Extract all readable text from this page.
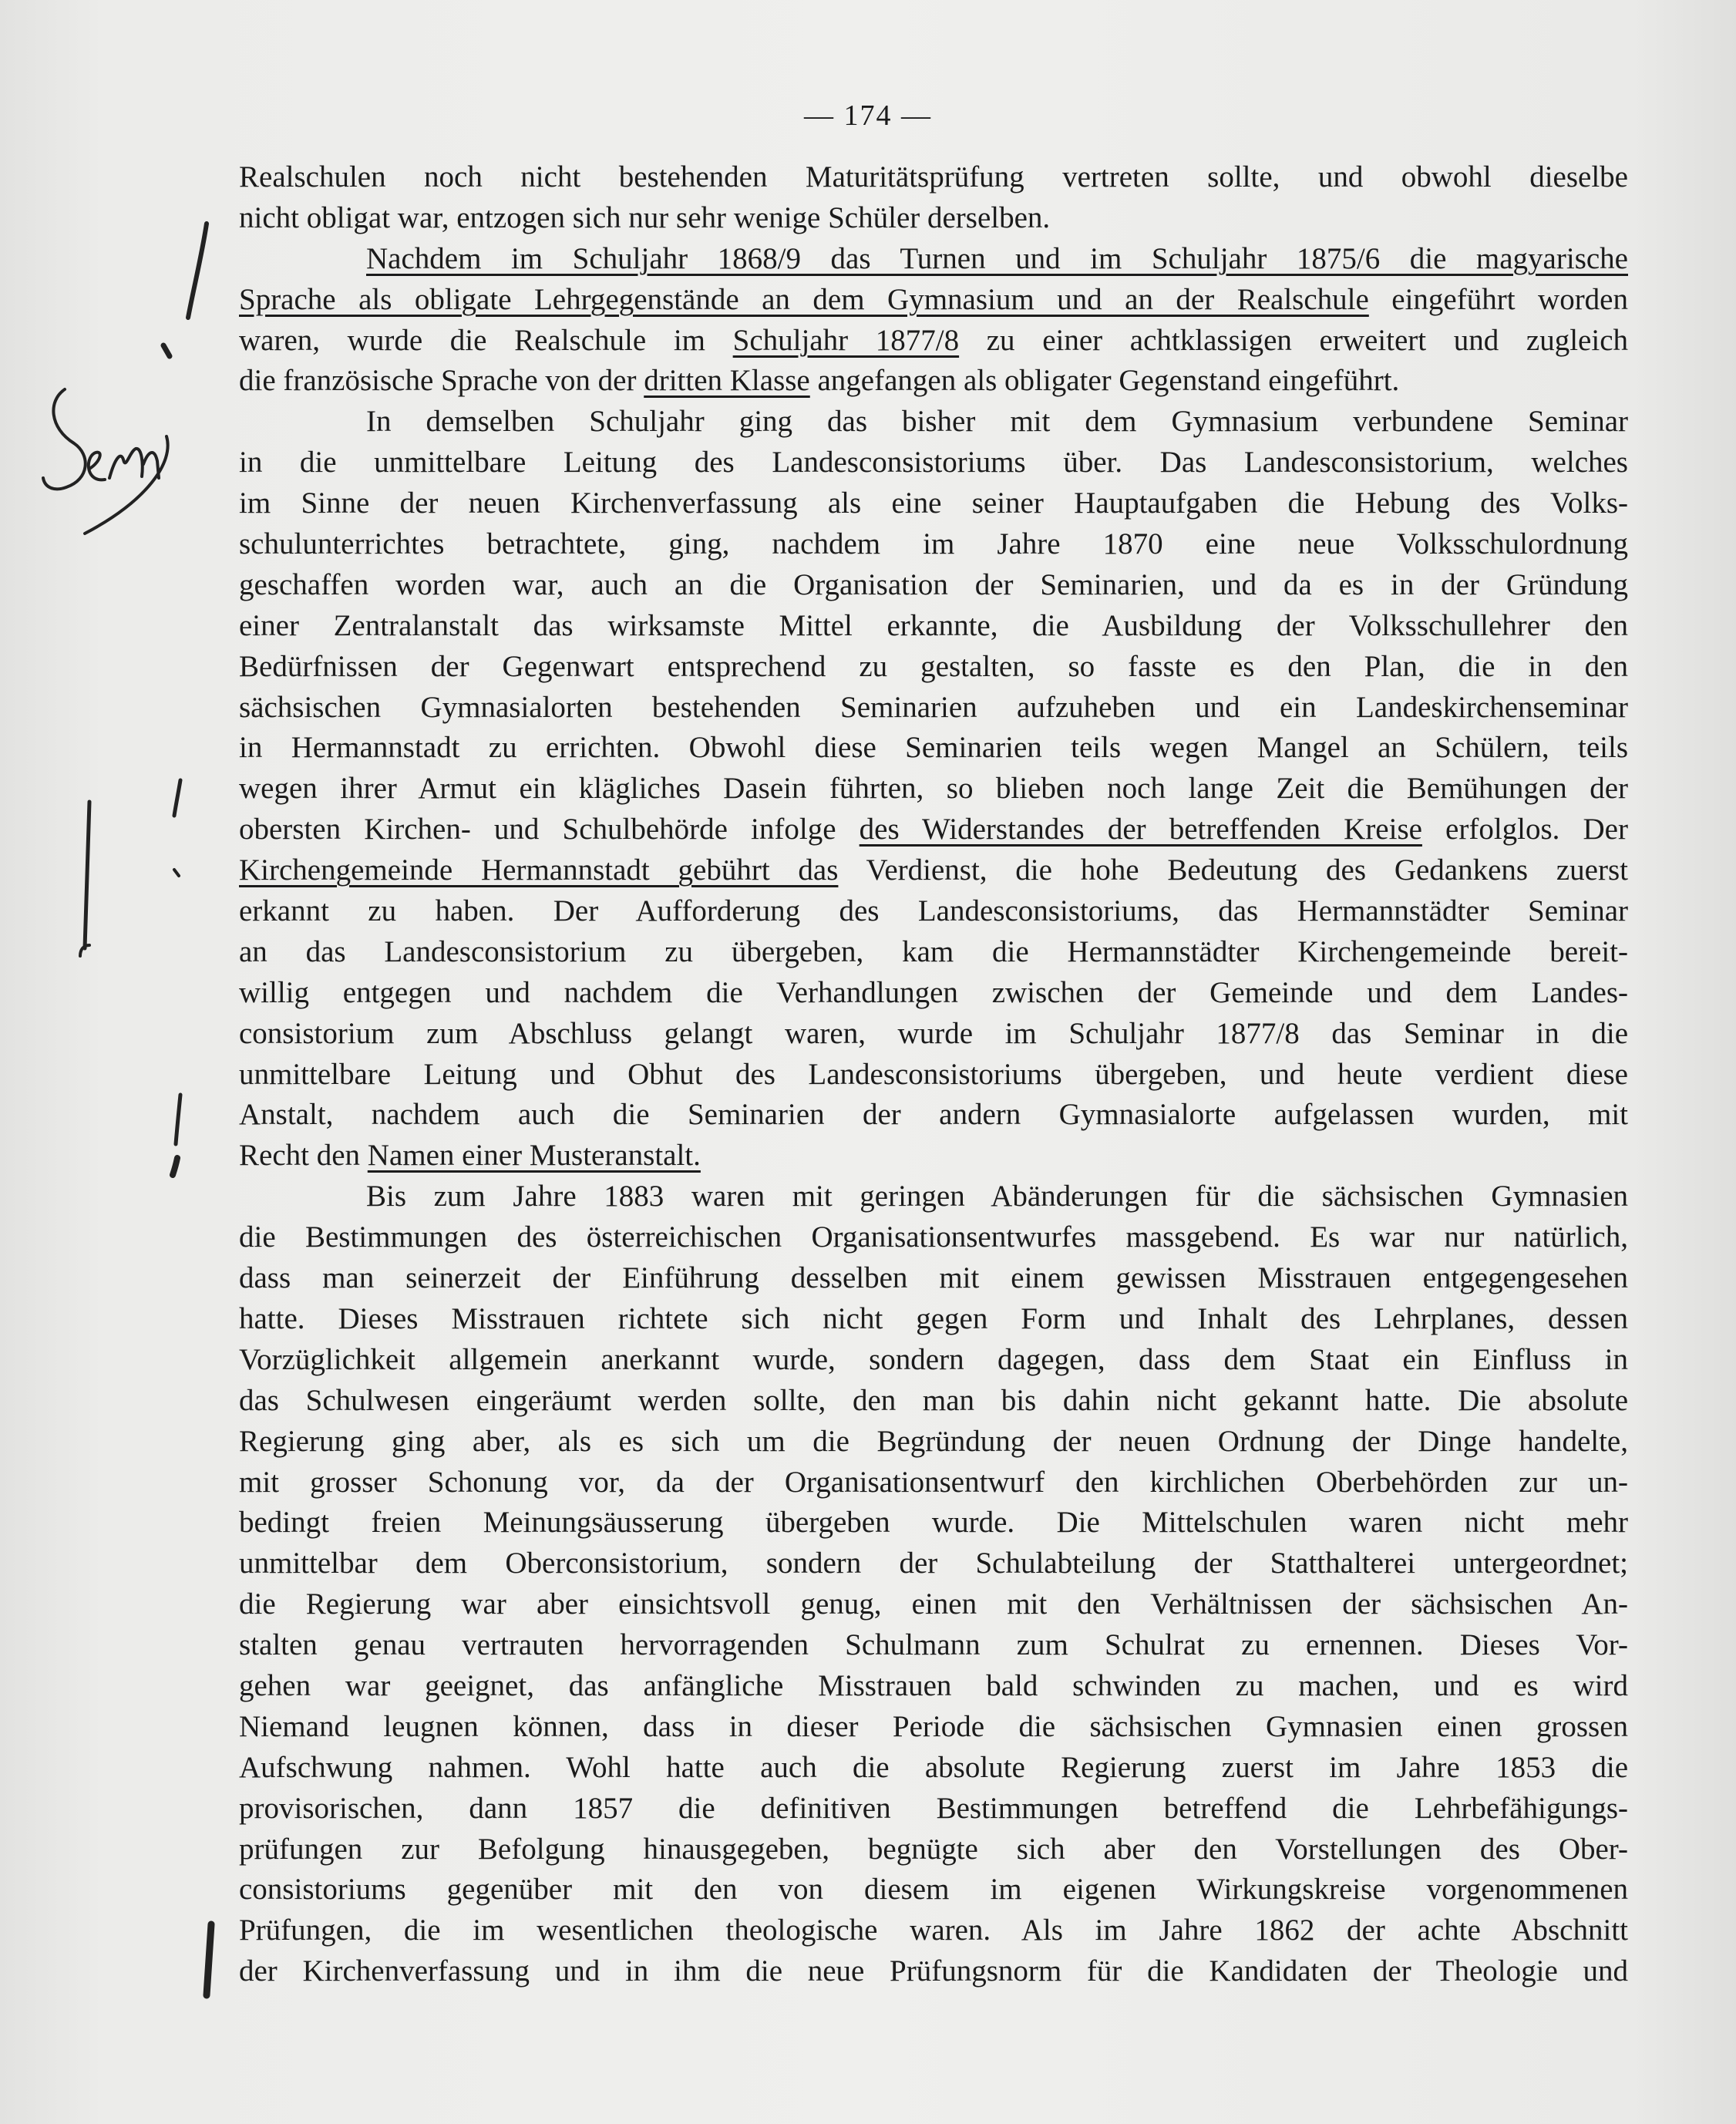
— 174 —
Realschulen noch nicht bestehenden Maturitätsprüfung vertreten sollte, und obwohl dieselbe
nicht obligat war, entzogen sich nur sehr wenige Schüler derselben.
Nachdem im Schuljahr 1868/9 das Turnen und im Schuljahr 1875/6 die magyarische
Sprache als obligate Lehrgegenstände an dem Gymnasium und an der Realschule eingeführt worden
waren, wurde die Realschule im Schuljahr 1877/8 zu einer achtklassigen erweitert und zugleich
die französische Sprache von der dritten Klasse angefangen als obligater Gegenstand eingeführt.
In demselben Schuljahr ging das bisher mit dem Gymnasium verbundene Seminar
in die unmittelbare Leitung des Landesconsistoriums über. Das Landesconsistorium, welches
im Sinne der neuen Kirchenverfassung als eine seiner Hauptaufgaben die Hebung des Volks-
schulunterrichtes betrachtete, ging, nachdem im Jahre 1870 eine neue Volksschulordnung
geschaffen worden war, auch an die Organisation der Seminarien, und da es in der Gründung
einer Zentralanstalt das wirksamste Mittel erkannte, die Ausbildung der Volksschullehrer den
Bedürfnissen der Gegenwart entsprechend zu gestalten, so fasste es den Plan, die in den
sächsischen Gymnasialorten bestehenden Seminarien aufzuheben und ein Landeskirchenseminar
in Hermannstadt zu errichten. Obwohl diese Seminarien teils wegen Mangel an Schülern, teils
wegen ihrer Armut ein klägliches Dasein führten, so blieben noch lange Zeit die Bemühungen der
obersten Kirchen- und Schulbehörde infolge des Widerstandes der betreffenden Kreise erfolglos. Der
Kirchengemeinde Hermannstadt gebührt das Verdienst, die hohe Bedeutung des Gedankens zuerst
erkannt zu haben. Der Aufforderung des Landesconsistoriums, das Hermannstädter Seminar
an das Landesconsistorium zu übergeben, kam die Hermannstädter Kirchengemeinde bereit-
willig entgegen und nachdem die Verhandlungen zwischen der Gemeinde und dem Landes-
consistorium zum Abschluss gelangt waren, wurde im Schuljahr 1877/8 das Seminar in die
unmittelbare Leitung und Obhut des Landesconsistoriums übergeben, und heute verdient diese
Anstalt, nachdem auch die Seminarien der andern Gymnasialorte aufgelassen wurden, mit
Recht den Namen einer Musteranstalt.
Bis zum Jahre 1883 waren mit geringen Abänderungen für die sächsischen Gymnasien
die Bestimmungen des österreichischen Organisationsentwurfes massgebend. Es war nur natürlich,
dass man seinerzeit der Einführung desselben mit einem gewissen Misstrauen entgegengesehen
hatte. Dieses Misstrauen richtete sich nicht gegen Form und Inhalt des Lehrplanes, dessen
Vorzüglichkeit allgemein anerkannt wurde, sondern dagegen, dass dem Staat ein Einfluss in
das Schulwesen eingeräumt werden sollte, den man bis dahin nicht gekannt hatte. Die absolute
Regierung ging aber, als es sich um die Begründung der neuen Ordnung der Dinge handelte,
mit grosser Schonung vor, da der Organisationsentwurf den kirchlichen Oberbehörden zur un-
bedingt freien Meinungsäusserung übergeben wurde. Die Mittelschulen waren nicht mehr
unmittelbar dem Oberconsistorium, sondern der Schulabteilung der Statthalterei untergeordnet;
die Regierung war aber einsichtsvoll genug, einen mit den Verhältnissen der sächsischen An-
stalten genau vertrauten hervorragenden Schulmann zum Schulrat zu ernennen. Dieses Vor-
gehen war geeignet, das anfängliche Misstrauen bald schwinden zu machen, und es wird
Niemand leugnen können, dass in dieser Periode die sächsischen Gymnasien einen grossen
Aufschwung nahmen. Wohl hatte auch die absolute Regierung zuerst im Jahre 1853 die
provisorischen, dann 1857 die definitiven Bestimmungen betreffend die Lehrbefähigungs-
prüfungen zur Befolgung hinausgegeben, begnügte sich aber den Vorstellungen des Ober-
consistoriums gegenüber mit den von diesem im eigenen Wirkungskreise vorgenommenen
Prüfungen, die im wesentlichen theologische waren. Als im Jahre 1862 der achte Abschnitt
der Kirchenverfassung und in ihm die neue Prüfungsnorm für die Kandidaten der Theologie und
